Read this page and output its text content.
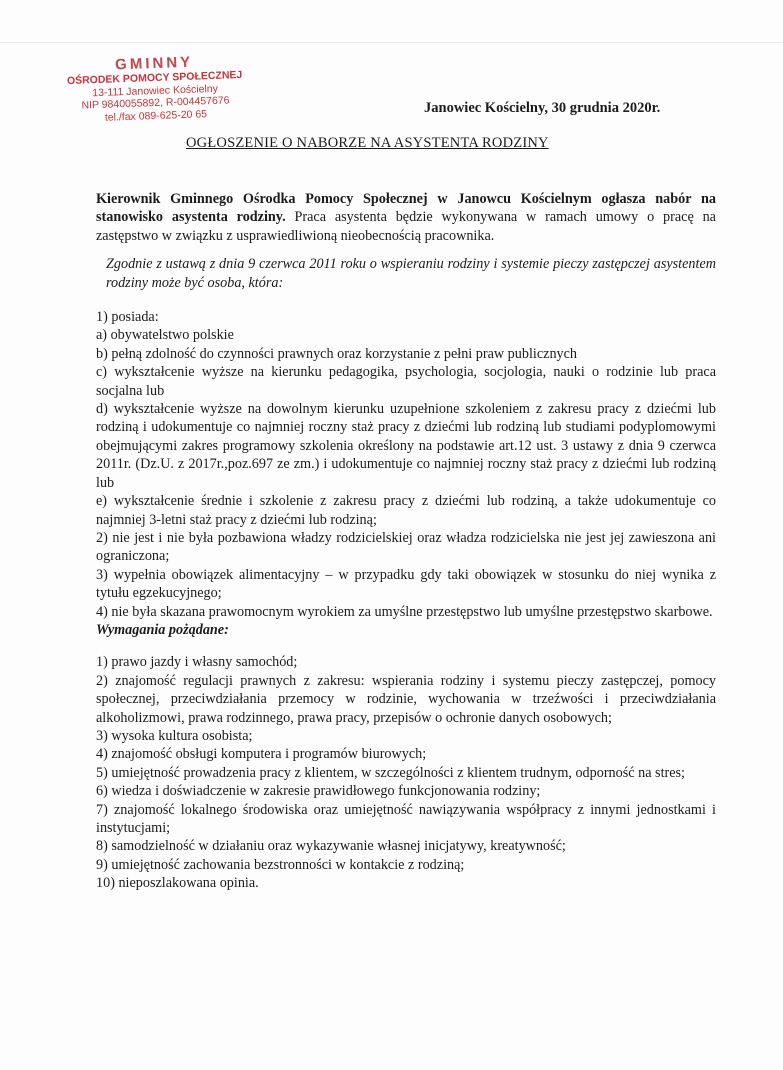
GMINNY
OŚRODEK POMOCY SPOŁECZNEJ
13-111 Janowiec Kościelny
NIP 9840055892, R-004457676
tel./fax 089-625-20 65	Janowiec Kościelny, 30 grudnia 2020r.
OGŁOSZENIE O NABORZE NA ASYSTENTA RODZINY

Kierownik Gminnego Ośrodka Pomocy Społecznej w Janowcu Kościelnym ogłasza nabór na stanowisko asystenta rodziny. Praca asystenta będzie wykonywana w ramach umowy o pracę na zastępstwo w związku z usprawiedliwioną nieobecnością pracownika.

Zgodnie z ustawą z dnia 9 czerwca 2011 roku o wspieraniu rodziny i systemie pieczy zastępczej asystentem rodziny może być osoba, która:

1) posiada:

a) obywatelstwo polskie

b) pełną zdolność do czynności prawnych oraz korzystanie z pełni praw publicznych

c) wykształcenie wyższe na kierunku pedagogika, psychologia, socjologia, nauki o rodzinie lub praca socjalna lub

d) wykształcenie wyższe na dowolnym kierunku uzupełnione szkoleniem z zakresu pracy z dziećmi lub rodziną i udokumentuje co najmniej roczny staż pracy z dziećmi lub rodziną lub studiami podyplomowymi obejmującymi zakres programowy szkolenia określony na podstawie art.12 ust. 3 ustawy z dnia 9 czerwca 2011r. (Dz.U. z 2017r.,poz.697 ze zm.) i udokumentuje co najmniej roczny staż pracy z dziećmi lub rodziną lub

e) wykształcenie średnie i szkolenie z zakresu pracy z dziećmi lub rodziną, a także udokumentuje co najmniej 3-letni staż pracy z dziećmi lub rodziną;

2) nie jest i nie była pozbawiona władzy rodzicielskiej oraz władza rodzicielska nie jest jej zawieszona ani ograniczona;

3) wypełnia obowiązek alimentacyjny – w przypadku gdy taki obowiązek w stosunku do niej wynika z tytułu egzekucyjnego;

4) nie była skazana prawomocnym wyrokiem za umyślne przestępstwo lub umyślne przestępstwo skarbowe.

Wymagania pożądane:

1) prawo jazdy i własny samochód;

2) znajomość regulacji prawnych z zakresu: wspierania rodziny i systemu pieczy zastępczej, pomocy społecznej, przeciwdziałania przemocy w rodzinie, wychowania w trzeźwości i przeciwdziałania alkoholizmowi, prawa rodzinnego, prawa pracy, przepisów o ochronie danych osobowych;

3) wysoka kultura osobista;

4) znajomość obsługi komputera i programów biurowych;

5) umiejętność prowadzenia pracy z klientem, w szczególności z klientem trudnym, odporność na stres;

6) wiedza i doświadczenie w zakresie prawidłowego funkcjonowania rodziny;

7) znajomość lokalnego środowiska oraz umiejętność nawiązywania współpracy z innymi jednostkami i instytucjami;

8) samodzielność w działaniu oraz wykazywanie własnej inicjatywy, kreatywność;

9) umiejętność zachowania bezstronności w kontakcie z rodziną;

10) nieposzlakowana opinia.
